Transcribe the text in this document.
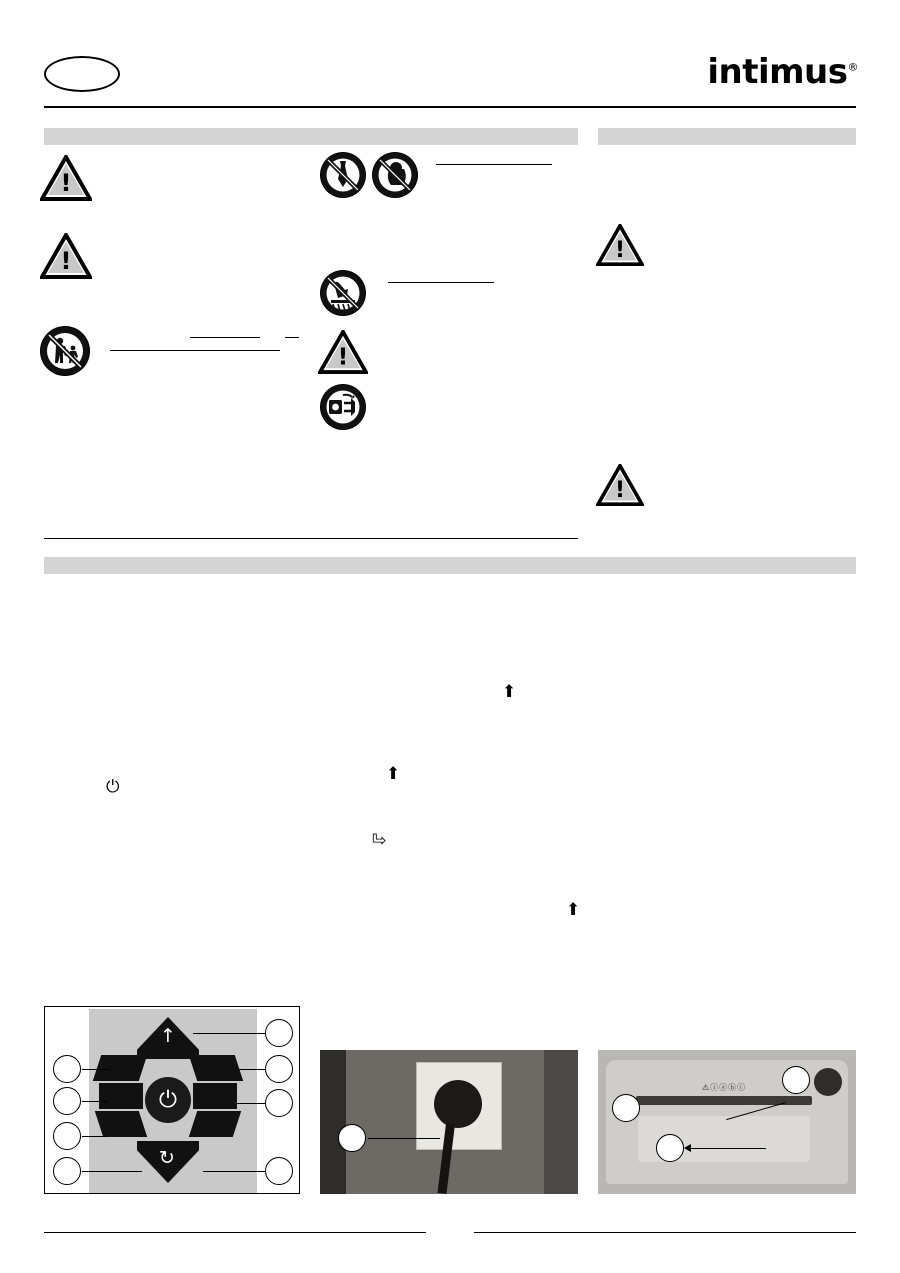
intimus®
!
!
!
!
!
⏻
⬆
⬆
⬆
⏎
↑
↺
⏻	⚠ⓘⓐⓑⓒ
